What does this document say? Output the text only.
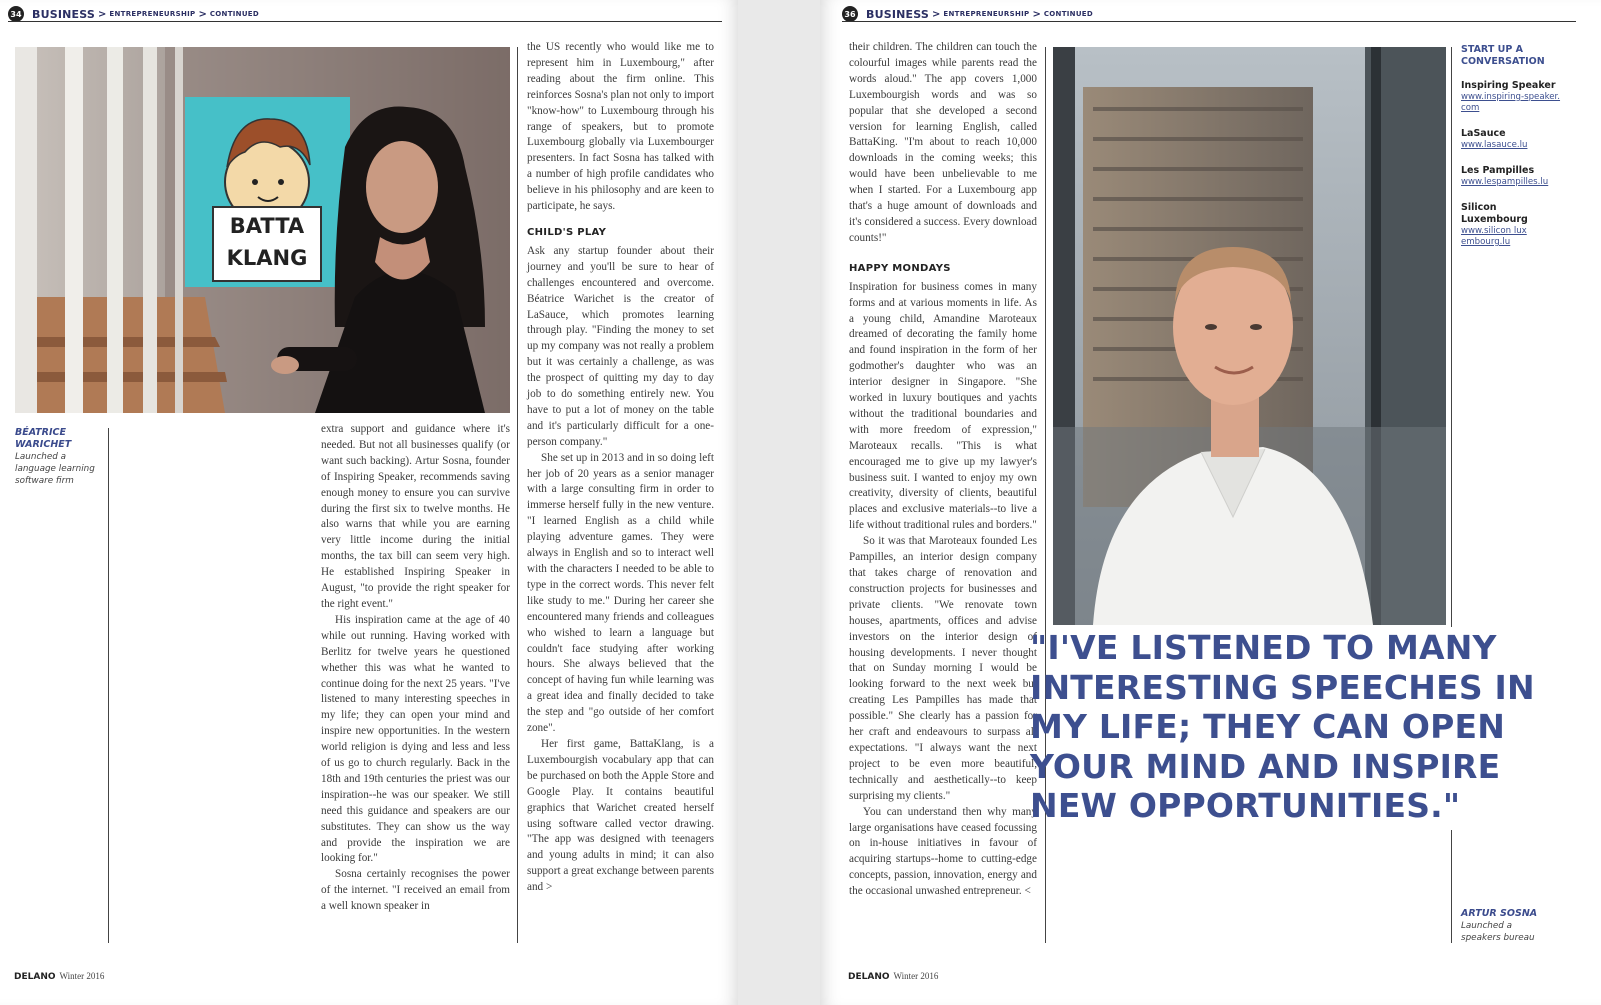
34 BUSINESS > ENTREPRENEURSHIP > CONTINUED
BATTA
KLANG
BÉATRICE
WARICHET
Launched a language learning software firm

extra support and guidance where it's needed. But not all businesses qualify (or want such backing). Artur Sosna, founder of Inspiring Speaker, recommends saving enough money to ensure you can survive during the first six to twelve months. He also warns that while you are earning very little income during the initial months, the tax bill can seem very high. He established Inspiring Speaker in August, "to provide the right speaker for the right event."

His inspiration came at the age of 40 while out running. Having worked with Berlitz for twelve years he questioned whether this was what he wanted to continue doing for the next 25 years. "I've listened to many interesting speeches in my life; they can open your mind and inspire new opportunities. In the western world religion is dying and less and less of us go to church regularly. Back in the 18th and 19th centuries the priest was our inspiration--he was our speaker. We still need this guidance and speakers are our substitutes. They can show us the way and provide the inspiration we are looking for."

Sosna certainly recognises the power of the internet. "I received an email from a well known speaker in

the US recently who would like me to represent him in Luxembourg," after reading about the firm online. This reinforces Sosna's plan not only to import "know-how" to Luxembourg through his range of speakers, but to promote Luxembourg globally via Luxembourger presenters. In fact Sosna has talked with a number of high profile candidates who believe in his philosophy and are keen to participate, he says.

CHILD'S PLAY

Ask any startup founder about their journey and you'll be sure to hear of challenges encountered and overcome. Béatrice Warichet is the creator of LaSauce, which promotes learning through play. "Finding the money to set up my company was not really a problem but it was certainly a challenge, as was the prospect of quitting my day to day job to do something entirely new. You have to put a lot of money on the table and it's particularly difficult for a one-person company."

She set up in 2013 and in so doing left her job of 20 years as a senior manager with a large consulting firm in order to immerse herself fully in the new venture. "I learned English as a child while playing adventure games. They were always in English and so to interact well with the characters I needed to be able to type in the correct words. This never felt like study to me." During her career she encountered many friends and colleagues who wished to learn a language but couldn't face studying after working hours. She always believed that the concept of having fun while learning was a great idea and finally decided to take the step and "go outside of her comfort zone".

Her first game, BattaKlang, is a Luxembourgish vocabulary app that can be purchased on both the Apple Store and Google Play. It contains beautiful graphics that Warichet created herself using software called vector drawing. "The app was designed with teenagers and young adults in mind; it can also support a great exchange between parents and >

DELANO Winter 2016
36 BUSINESS > ENTREPRENEURSHIP > CONTINUED

their children. The children can touch the colourful images while parents read the words aloud." The app covers 1,000 Luxembourgish words and was so popular that she developed a second version for learning English, called BattaKing. "I'm about to reach 10,000 downloads in the coming weeks; this would have been unbelievable to me when I started. For a Luxembourg app that's a huge amount of downloads and it's considered a success. Every download counts!"

HAPPY MONDAYS

Inspiration for business comes in many forms and at various moments in life. As a young child, Amandine Maroteaux dreamed of decorating the family home and found inspiration in the form of her godmother's daughter who was an interior designer in Singapore. "She worked in luxury boutiques and yachts without the traditional boundaries and with more freedom of expression," Maroteaux recalls. "This is what encouraged me to give up my lawyer's business suit. I wanted to enjoy my own creativity, diversity of clients, beautiful places and exclusive materials--to live a life without traditional rules and borders."

So it was that Maroteaux founded Les Pampilles, an interior design company that takes charge of renovation and construction projects for businesses and private clients. "We renovate town houses, apartments, offices and advise investors on the interior design of housing developments. I never thought that on Sunday morning I would be looking forward to the next week but creating Les Pampilles has made that possible." She clearly has a passion for her craft and endeavours to surpass all expectations. "I always want the next project to be even more beautiful, technically and aesthetically--to keep surprising my clients."

You can understand then why many large organisations have ceased focussing on in-house initiatives in favour of acquiring startups--home to cutting-edge concepts, passion, innovation, energy and the occasional unwashed entrepreneur. <

"I'VE LISTENED TO MANY INTERESTING SPEECHES IN MY LIFE; THEY CAN OPEN YOUR MIND AND INSPIRE NEW OPPORTUNITIES."
START UP A CONVERSATION
Inspiring Speaker
www.inspiring-speaker.com
LaSauce
www.lasauce.lu
Les Pampilles
www.lespampilles.lu
Silicon Luxembourg
www.silicon luxembourg.lu
ARTUR SOSNA
Launched a speakers bureau
DELANO Winter 2016
